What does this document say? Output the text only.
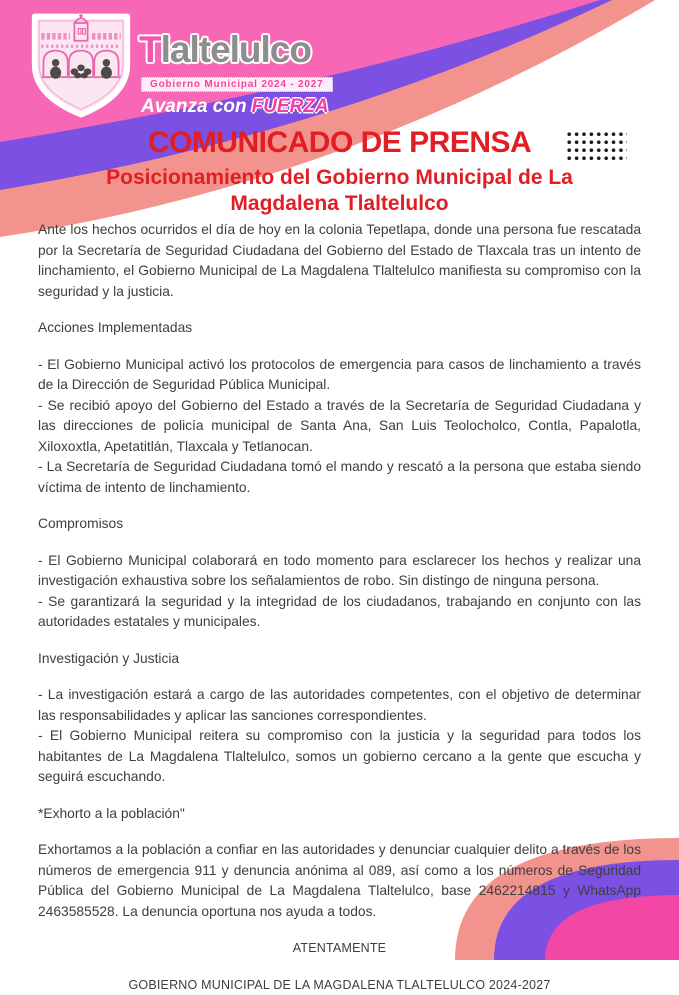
Tlaltelulco
Gobierno Municipal 2024 - 2027
Avanza con FUERZA
COMUNICADO DE PRENSA
Posicionamiento del Gobierno Municipal de La
Magdalena Tlaltelulco

Ante los hechos ocurridos el día de hoy en la colonia Tepetlapa, donde una persona fue rescatada por la Secretaría de Seguridad Ciudadana del Gobierno del Estado de Tlaxcala tras un intento de linchamiento, el Gobierno Municipal de La Magdalena Tlaltelulco manifiesta su compromiso con la seguridad y la justicia.

Acciones Implementadas

- El Gobierno Municipal activó los protocolos de emergencia para casos de linchamiento a través de la Dirección de Seguridad Pública Municipal.

- Se recibió apoyo del Gobierno del Estado a través de la Secretaría de Seguridad Ciudadana y las direcciones de policía municipal de Santa Ana, San Luis Teolocholco, Contla, Papalotla, Xiloxoxtla, Apetatitlán, Tlaxcala y Tetlanocan.

- La Secretaría de Seguridad Ciudadana tomó el mando y rescató a la persona que estaba siendo víctima de intento de linchamiento.

Compromisos

- El Gobierno Municipal colaborará en todo momento para esclarecer los hechos y realizar una investigación exhaustiva sobre los señalamientos de robo. Sin distingo de ninguna persona.

- Se garantizará la seguridad y la integridad de los ciudadanos, trabajando en conjunto con las autoridades estatales y municipales.

Investigación y Justicia

- La investigación estará a cargo de las autoridades competentes, con el objetivo de determinar las responsabilidades y aplicar las sanciones correspondientes.

- El Gobierno Municipal reitera su compromiso con la justicia y la seguridad para todos los habitantes de La Magdalena Tlaltelulco, somos un gobierno cercano a la gente que escucha y seguirá escuchando.

*Exhorto a la población"

Exhortamos a la población a confiar en las autoridades y denunciar cualquier delito a través de los números de emergencia 911 y denuncia anónima al 089, así como a los números de Seguridad Pública del Gobierno Municipal de La Magdalena Tlaltelulco, base 2462214815 y WhatsApp 2463585528. La denuncia oportuna nos ayuda a todos.

ATENTAMENTE

GOBIERNO MUNICIPAL DE LA MAGDALENA TLALTELULCO 2024-2027
